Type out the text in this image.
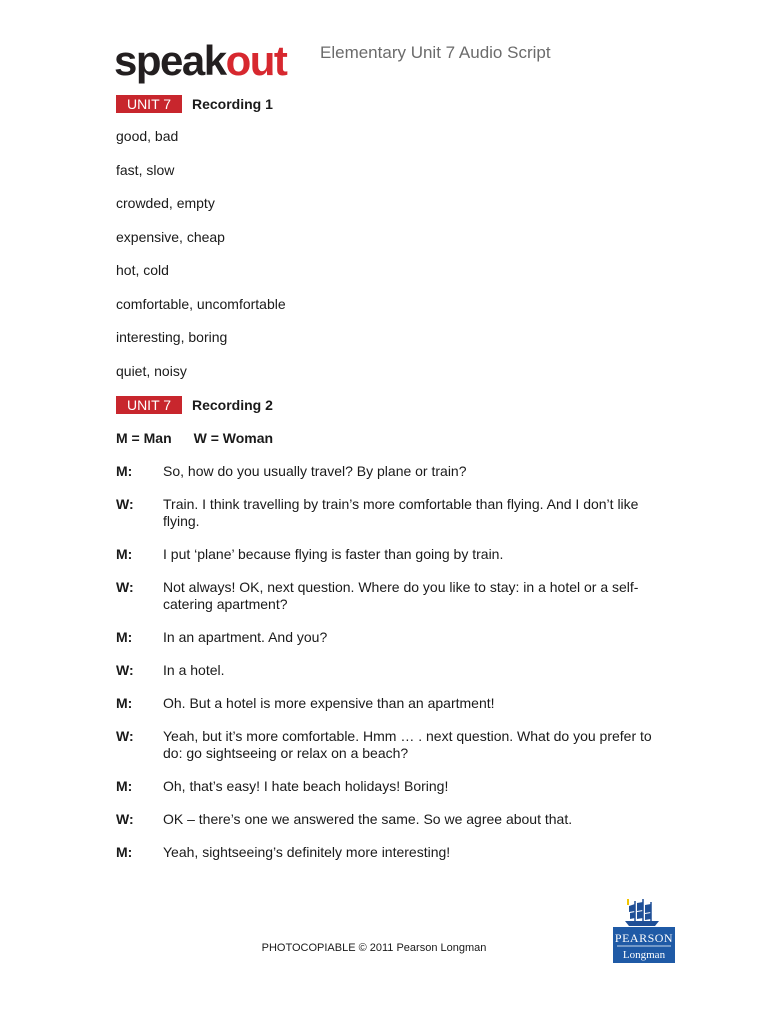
speakout Elementary Unit 7 Audio Script
UNIT 7	Recording 1
good, bad
fast, slow
crowded, empty
expensive, cheap
hot, cold
comfortable, uncomfortable
interesting, boring
quiet, noisy
UNIT 7	Recording 2
M = Man W = Woman
M:	So, how do you usually travel? By plane or train?
W:	Train. I think travelling by train’s more comfortable than flying. And I don’t like flying.
M:	I put ‘plane’ because flying is faster than going by train.
W:	Not always! OK, next question. Where do you like to stay: in a hotel or a self-catering apartment?
M:	In an apartment. And you?
W:	In a hotel.
M:	Oh. But a hotel is more expensive than an apartment!
W:	Yeah, but it’s more comfortable. Hmm … . next question. What do you prefer to do: go sightseeing or relax on a beach?
M:	Oh, that’s easy! I hate beach holidays! Boring!
W:	OK – there’s one we answered the same. So we agree about that.
M:	Yeah, sightseeing’s definitely more interesting!
PHOTOCOPIABLE © 2011 Pearson Longman
PEARSON
Longman
